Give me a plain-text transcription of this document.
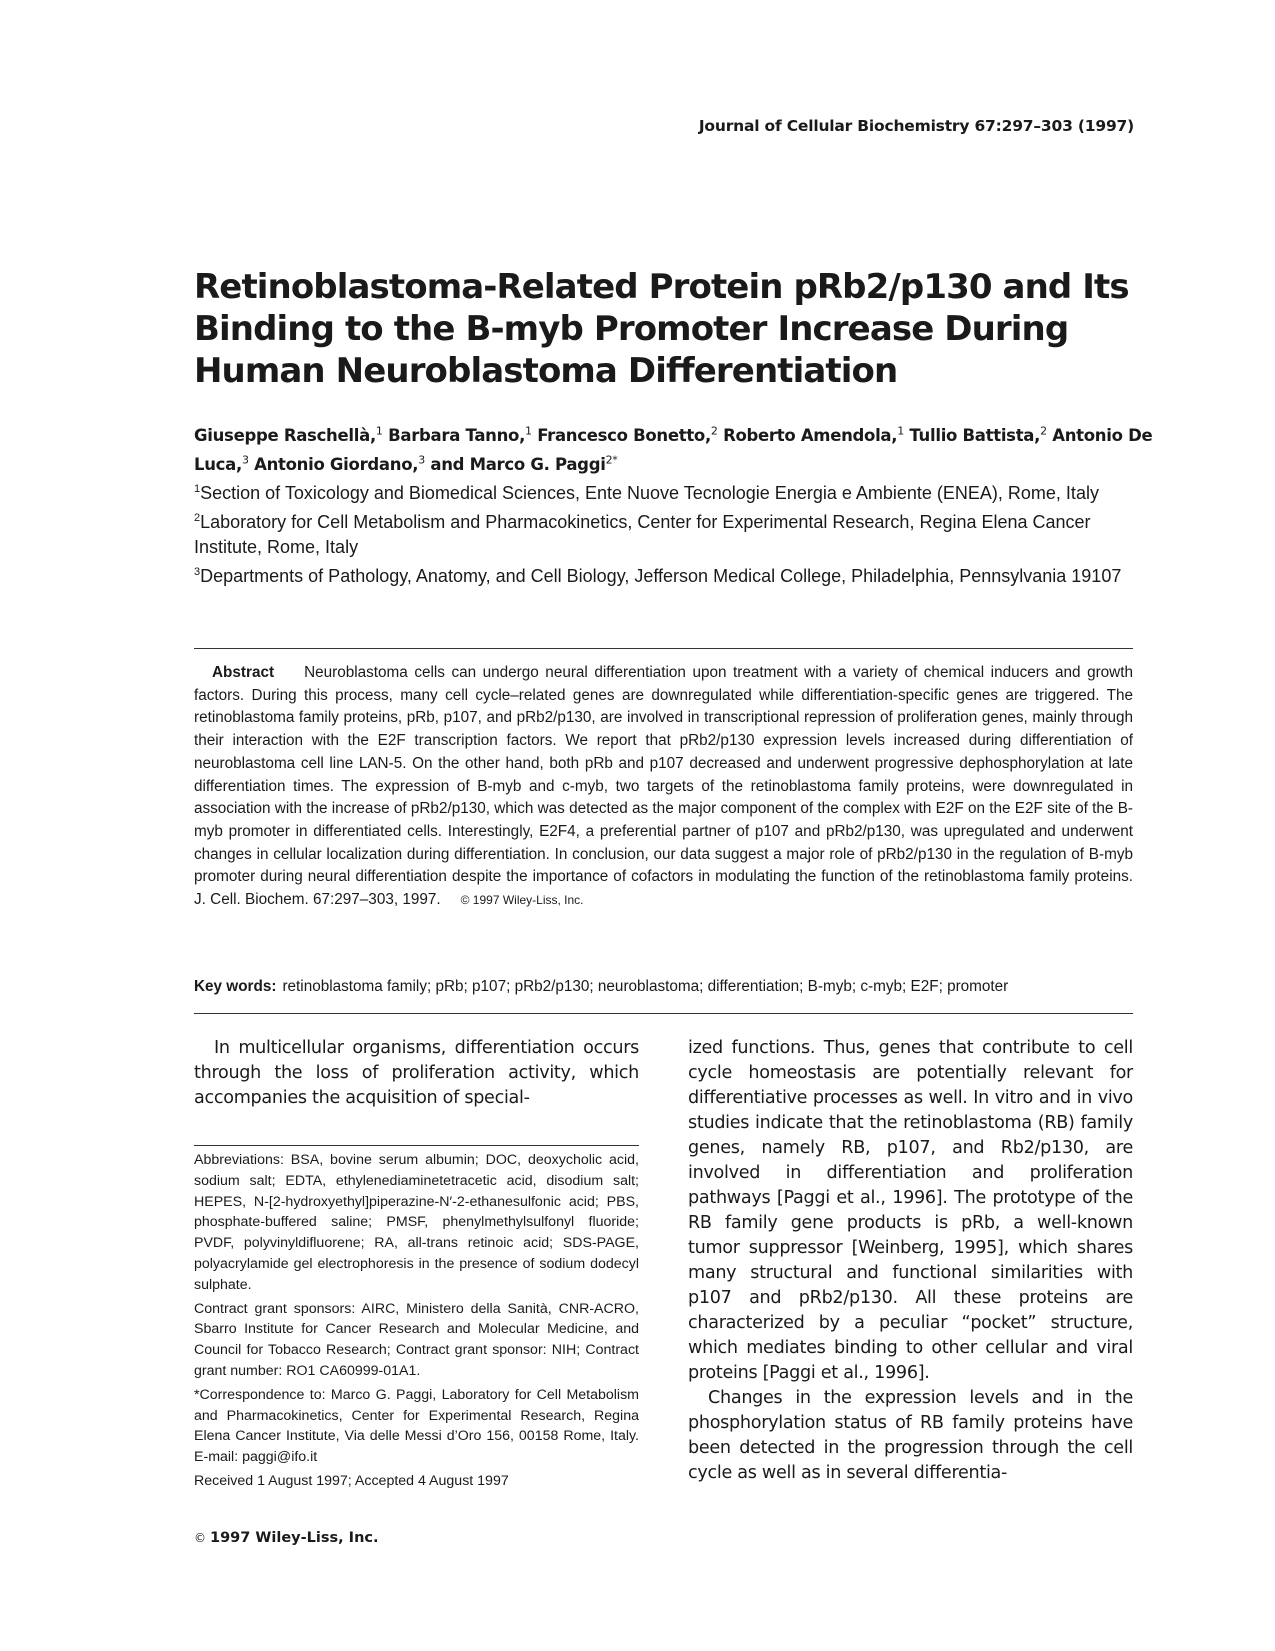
Journal of Cellular Biochemistry 67:297–303 (1997)
Retinoblastoma-Related Protein pRb2/p130 and Its Binding to the B-myb Promoter Increase During Human Neuroblastoma Differentiation
Giuseppe Raschellà,$^1$ Barbara Tanno,$^1$ Francesco Bonetto,$^2$ Roberto Amendola,$^1$ Tullio Battista,$^2$ Antonio De Luca,$^3$ Antonio Giordano,$^3$ and Marco G. Paggi$^{2*}$

$^1$Section of Toxicology and Biomedical Sciences, Ente Nuove Tecnologie Energia e Ambiente (ENEA), Rome, Italy

$^2$Laboratory for Cell Metabolism and Pharmacokinetics, Center for Experimental Research, Regina Elena Cancer Institute, Rome, Italy

$^3$Departments of Pathology, Anatomy, and Cell Biology, Jefferson Medical College, Philadelphia, Pennsylvania 19107

Abstract Neuroblastoma cells can undergo neural differentiation upon treatment with a variety of chemical inducers and growth factors. During this process, many cell cycle–related genes are downregulated while differentiation-specific genes are triggered. The retinoblastoma family proteins, pRb, p107, and pRb2/p130, are involved in transcriptional repression of proliferation genes, mainly through their interaction with the E2F transcription factors. We report that pRb2/p130 expression levels increased during differentiation of neuroblastoma cell line LAN-5. On the other hand, both pRb and p107 decreased and underwent progressive dephosphorylation at late differentiation times. The expression of B-myb and c-myb, two targets of the retinoblastoma family proteins, were downregulated in association with the increase of pRb2/p130, which was detected as the major component of the complex with E2F on the E2F site of the B-myb promoter in differentiated cells. Interestingly, E2F4, a preferential partner of p107 and pRb2/p130, was upregulated and underwent changes in cellular localization during differentiation. In conclusion, our data suggest a major role of pRb2/p130 in the regulation of B-myb promoter during neural differentiation despite the importance of cofactors in modulating the function of the retinoblastoma family proteins. J. Cell. Biochem. 67:297–303, 1997. © 1997 Wiley-Liss, Inc.
Key words: retinoblastoma family; pRb; p107; pRb2/p130; neuroblastoma; differentiation; B-myb; c-myb; E2F; promoter

In multicellular organisms, differentiation occurs through the loss of proliferation activity, which accompanies the acquisition of special-

Abbreviations: BSA, bovine serum albumin; DOC, deoxycholic acid, sodium salt; EDTA, ethylenediaminetetracetic acid, disodium salt; HEPES, N-[2-hydroxyethyl]piperazine-N′-2-ethanesulfonic acid; PBS, phosphate-buffered saline; PMSF, phenylmethylsulfonyl fluoride; PVDF, polyvinyldifluorene; RA, all-trans retinoic acid; SDS-PAGE, polyacrylamide gel electrophoresis in the presence of sodium dodecyl sulphate.

Contract grant sponsors: AIRC, Ministero della Sanità, CNR-ACRO, Sbarro Institute for Cancer Research and Molecular Medicine, and Council for Tobacco Research; Contract grant sponsor: NIH; Contract grant number: RO1 CA60999-01A1.

*Correspondence to: Marco G. Paggi, Laboratory for Cell Metabolism and Pharmacokinetics, Center for Experimental Research, Regina Elena Cancer Institute, Via delle Messi d’Oro 156, 00158 Rome, Italy. E-mail: paggi@ifo.it

Received 1 August 1997; Accepted 4 August 1997

ized functions. Thus, genes that contribute to cell cycle homeostasis are potentially relevant for differentiative processes as well. In vitro and in vivo studies indicate that the retinoblastoma (RB) family genes, namely RB, p107, and Rb2/p130, are involved in differentiation and proliferation pathways [Paggi et al., 1996]. The prototype of the RB family gene products is pRb, a well-known tumor suppressor [Weinberg, 1995], which shares many structural and functional similarities with p107 and pRb2/p130. All these proteins are characterized by a peculiar “pocket” structure, which mediates binding to other cellular and viral proteins [Paggi et al., 1996].

Changes in the expression levels and in the phosphorylation status of RB family proteins have been detected in the progression through the cell cycle as well as in several differentia-

© 1997 Wiley-Liss, Inc.
